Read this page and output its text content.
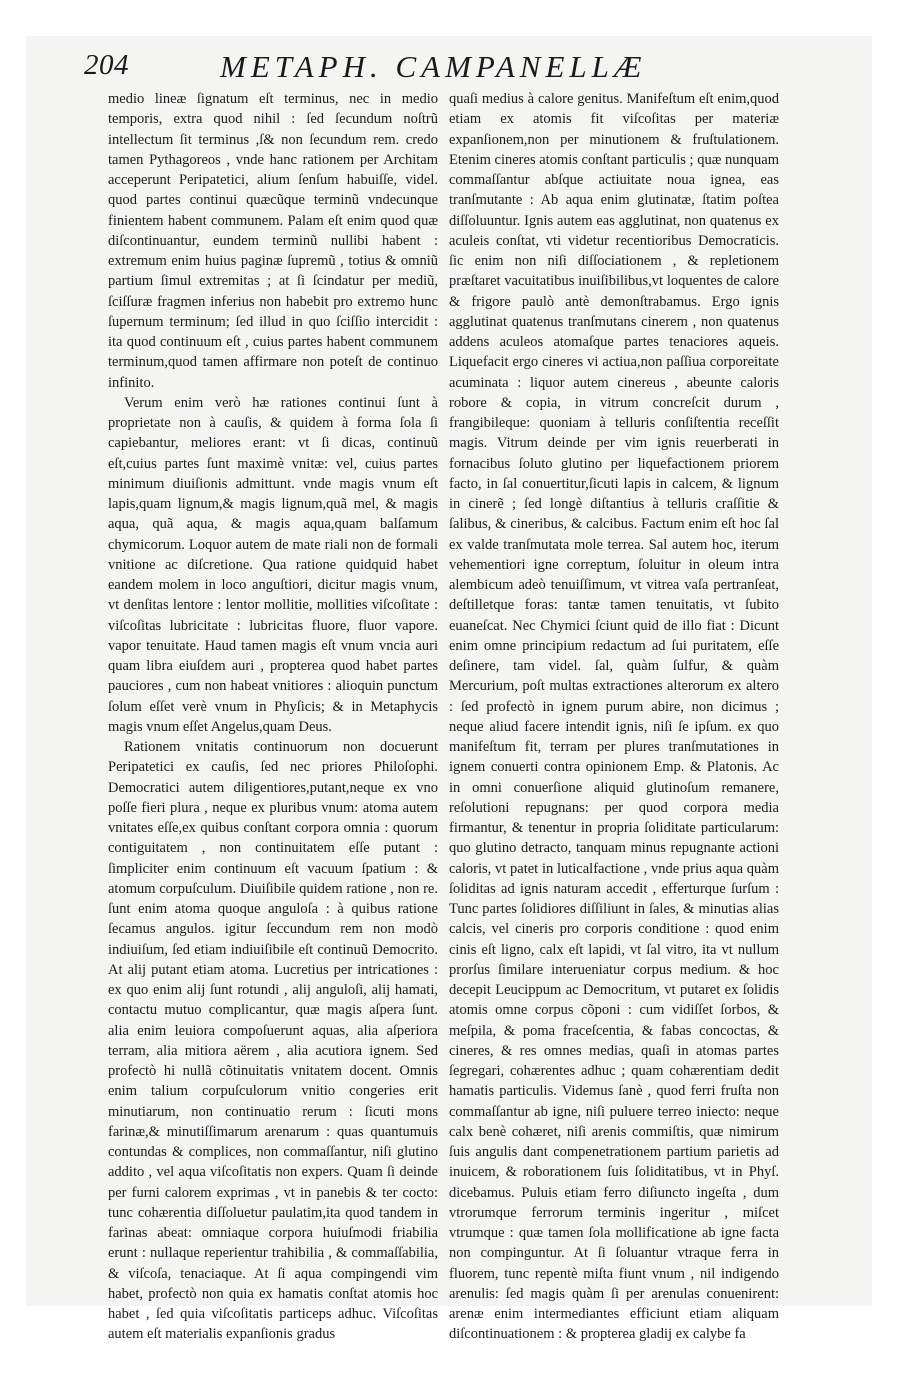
204	METAPH. CAMPANELLÆ

medio lineæ ſignatum eſt terminus, nec in medio temporis, extra quod nihil : ſed ſecundum noſtrũ intellectum ſit terminus ,ſ& non ſecundum rem. credo tamen Pythagoreos , vnde hanc rationem per Architam acceperunt Peripatetici, alium ſenſum habuiſſe, videl. quod partes continui quæcũque terminũ vndecunque finientem habent communem. Palam eſt enim quod quæ diſcontinuantur, eundem terminũ nullibi habent : extremum enim huius paginæ ſupremũ , totius & omniũ partium ſimul extremitas ; at ſi ſcindatur per mediũ, ſciſſuræ fragmen inferius non habebit pro extremo hunc ſupernum terminum; ſed illud in quo ſciſſio intercidit : ita quod continuum eſt , cuius partes habent communem terminum,quod tamen affirmare non poteſt de continuo infinito.

Verum enim verò hæ rationes continui ſunt à proprietate non à cauſis, & quidem à forma ſola ſi capiebantur, meliores erant: vt ſi dicas, continuũ eſt,cuius partes ſunt maximè vnitæ: vel, cuius partes minimum diuiſionis admittunt. vnde magis vnum eſt lapis,quam lignum,& magis lignum,quã mel, & magis aqua, quã aqua, & magis aqua,quam balſamum chymicorum. Loquor autem de mate riali non de formali vnitione ac diſcretione. Qua ratione quidquid habet eandem molem in loco anguſtiori, dicitur magis vnum, vt denſitas lentore : lentor mollitie, mollities viſcoſitate : viſcoſitas lubricitate : lubricitas fluore, fluor vapore. vapor tenuitate. Haud tamen magis eſt vnum vncia auri quam libra eiuſdem auri , propterea quod habet partes pauciores , cum non habeat vnitiores : alioquin punctum ſolum eſſet verè vnum in Phyſicis; & in Metaphycis magis vnum eſſet Angelus,quam Deus.

Rationem vnitatis continuorum non docuerunt Peripatetici ex cauſis, ſed nec priores Philoſophi. Democratici autem diligentiores,putant,neque ex vno poſſe fieri plura , neque ex pluribus vnum: atoma autem vnitates eſſe,ex quibus conſtant corpora omnia : quorum contiguitatem , non continuitatem eſſe putant : ſimpliciter enim continuum eſt vacuum ſpatium : & atomum corpuſculum. Diuiſibile quidem ratione , non re. ſunt enim atoma quoque anguloſa : à quibus ratione ſecamus angulos. igitur ſeccundum rem non modò indiuiſum, ſed etiam indiuiſibile eſt continuũ Democrito. At alij putant etiam atoma. Lucretius per intricationes : ex quo enim alij ſunt rotundi , alij anguloſi, alij hamati, contactu mutuo complicantur, quæ magis aſpera ſunt. alia enim leuiora compoſuerunt aquas, alia aſperiora terram, alia mitiora aërem , alia acutiora ignem. Sed profectò hi nullã cõtinuitatis vnitatem docent. Omnis enim talium corpuſculorum vnitio congeries erit minutiarum, non continuatio rerum : ſicuti mons farinæ,& minutiſſimarum arenarum : quas quantumuis contundas & complices, non commaſſantur, niſi glutino addito , vel aqua viſcoſitatis non expers. Quam ſi deinde per furni calorem exprimas , vt in panebis & ter cocto: tunc cohærentia diſſoluetur paulatim,ita quod tandem in farinas abeat: omniaque corpora huiuſmodi friabilia erunt : nullaque reperientur trahibilia , & commaſſabilia, & viſcoſa, tenaciaque. At ſi aqua compingendi vim habet, profectò non quia ex hamatis conſtat atomis hoc habet , ſed quia viſcoſitatis particeps adhuc. Viſcoſitas autem eſt materialis expanſionis gradus

quaſi medius à calore genitus. Manifeſtum eſt enim,quod etiam ex atomis fit viſcoſitas per materiæ expanſionem,non per minutionem & fruſtulationem. Etenim cineres atomis conſtant particulis ; quæ nunquam commaſſantur abſque actiuitate noua ignea, eas tranſmutante : Ab aqua enim glutinatæ, ſtatim poſtea diſſoluuntur. Ignis autem eas agglutinat, non quatenus ex aculeis conſtat, vti videtur recentioribus Democraticis. ſic enim non niſi diſſociationem , & repletionem præſtaret vacuitatibus inuiſibilibus,vt loquentes de calore & frigore paulò antè demonſtrabamus. Ergo ignis agglutinat quatenus tranſmutans cinerem , non quatenus addens aculeos atomaſque partes tenaciores aqueis. Liquefacit ergo cineres vi actiua,non paſſiua corporeitate acuminata : liquor autem cinereus , abeunte caloris robore & copia, in vitrum concreſcit durum , frangibileque: quoniam à telluris conſiſtentia receſſit magis. Vitrum deinde per vim ignis reuerberati in fornacibus ſoluto glutino per liquefactionem priorem facto, in ſal conuertitur,ſicuti lapis in calcem, & lignum in cinerẽ ; ſed longè diſtantius à telluris craſſitie & ſalibus, & cineribus, & calcibus. Factum enim eſt hoc ſal ex valde tranſmutata mole terrea. Sal autem hoc, iterum vehementiori igne correptum, ſoluitur in oleum intra alembicum adeò tenuiſſimum, vt vitrea vaſa pertranſeat, deſtilletque foras: tantæ tamen tenuitatis, vt ſubito euaneſcat. Nec Chymici ſciunt quid de illo fiat : Dicunt enim omne principium redactum ad ſui puritatem, eſſe deſinere, tam videl. ſal, quàm ſulfur, & quàm Mercurium, poſt multas extractiones alterorum ex altero : ſed profectò in ignem purum abire, non dicimus ; neque aliud facere intendit ignis, niſi ſe ipſum. ex quo manifeſtum fit, terram per plures tranſmutationes in ignem conuerti contra opinionem Emp. & Platonis. Ac in omni conuerſione aliquid glutinoſum remanere, reſolutioni repugnans: per quod corpora media firmantur, & tenentur in propria ſoliditate particularum: quo glutino detracto, tanquam minus repugnante actioni caloris, vt patet in luticalfactione , vnde prius aqua quàm ſoliditas ad ignis naturam accedit , efferturque ſurſum : Tunc partes ſolidiores diſſiliunt in ſales, & minutias alias calcis, vel cineris pro corporis conditione : quod enim cinis eſt ligno, calx eſt lapidi, vt ſal vitro, ita vt nullum prorſus ſimilare interueniatur corpus medium. & hoc decepit Leucippum ac Democritum, vt putaret ex ſolidis atomis omne corpus cõponi : cum vidiſſet ſorbos, & meſpila, & poma fraceſcentia, & fabas concoctas, & cineres, & res omnes medias, quaſi in atomas partes ſegregari, cohærentes adhuc ; quam cohærentiam dedit hamatis particulis. Videmus ſanè , quod ferri fruſta non commaſſantur ab igne, niſi puluere terreo iniecto: neque calx benè cohæret, niſi arenis commiſtis, quæ nimirum ſuis angulis dant compenetrationem partium parietis ad inuicem, & roborationem ſuis ſoliditatibus, vt in Phyſ. dicebamus. Puluis etiam ferro diſiuncto ingeſta , dum vtrorumque ferrorum terminis ingeritur , miſcet vtrumque : quæ tamen ſola mollificatione ab igne facta non compinguntur. At ſi ſoluantur vtraque ferra in fluorem, tunc repentè miſta fiunt vnum , nil indigendo arenulis: ſed magis quàm ſi per arenulas conuenirent: arenæ enim intermediantes efficiunt etiam aliquam diſcontinuationem : & propterea gladij ex calybe fa
